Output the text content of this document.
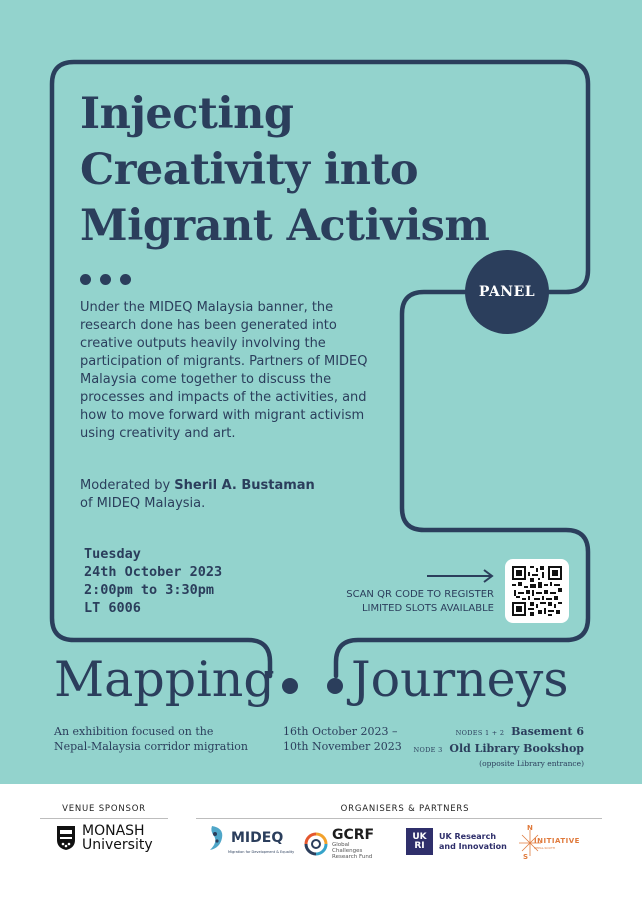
Injecting
Creativity into
Migrant Activism
PANEL

Under the MIDEQ Malaysia banner, the research done has been generated into creative outputs heavily involving the participation of migrants. Partners of MIDEQ Malaysia come together to discuss the processes and impacts of the activities, and how to move forward with migrant activism using creativity and art.

Moderated by Sheril A. Bustaman
of MIDEQ Malaysia.

Tuesday
24th October 2023
2:00pm to 3:30pm
LT 6006
SCAN QR CODE TO REGISTER
LIMITED SLOTS AVAILABLE
Mapping Journeys
An exhibition focused on the
Nepal-Malaysia corridor migration
16th October 2023 –
10th November 2023
NODES 1 + 2 Basement 6
NODE 3 Old Library Bookshop
(opposite Library entrance)
VENUE SPONSOR	ORGANISERS & PARTNERS
MONASH
University	MIDEQ
Migration for Development & Equality
GCRF
Global Challenges
Research Fund
UK
RI
UK Research
and Innovation
N
S
INITIATIVE
NEPAL-SOUTH
